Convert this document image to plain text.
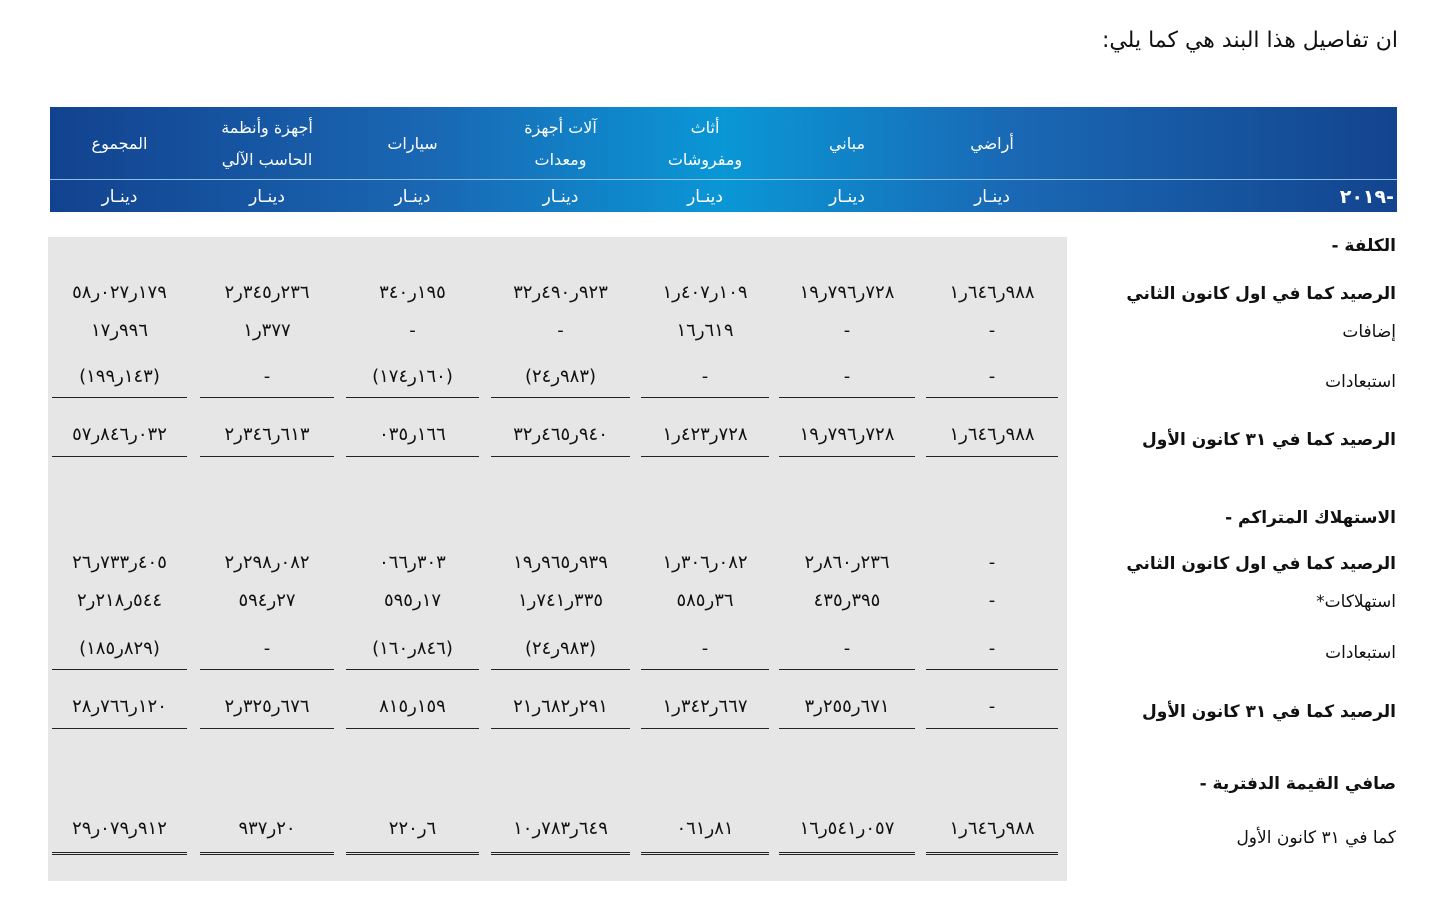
ان تفاصيل هذا البند هي كما يلي:
-٢٠١٩
أراضي
مباني
أثاث
ومفروشات
آلات أجهزة
ومعدات
سيارات
أجهزة وأنظمة
الحاسب الآلي
المجموع
دينـار
دينـار
دينـار
دينـار
دينـار
دينـار
دينـار
الكلفة -
الاستهلاك المتراكم -
صافي القيمة الدفترية -
الرصيد كما في اول كانون الثاني
إضافات
استبعادات
الرصيد كما في ٣١ كانون الأول
الرصيد كما في اول كانون الثاني
استهلاكات*
استبعادات
الرصيد كما في ٣١ كانون الأول
كما في ٣١ كانون الأول
٩٨٨ر٦٤٦ر١
٧٢٨ر٧٩٦ر١٩
١٠٩ر٤٠٧ر١
٩٢٣ر٤٩٠ر٣٢
١٩٥ر٣٤٠
٢٣٦ر٣٤٥ر٢
١٧٩ر٠٢٧ر٥٨
-
-
٦١٩ر١٦
-
-
٣٧٧ر١
٩٩٦ر١٧
-
-
-
(٩٨٣ر٢٤)
(١٦٠ر١٧٤)
-
(١٤٣ر١٩٩)
٩٨٨ر٦٤٦ر١
٧٢٨ر٧٩٦ر١٩
٧٢٨ر٤٢٣ر١
٩٤٠ر٤٦٥ر٣٢
١٦٦ر٠٣٥
٦١٣ر٣٤٦ر٢
٠٣٢ر٨٤٦ر٥٧
-
٢٣٦ر٨٦٠ر٢
٠٨٢ر٣٠٦ر١
٩٣٩ر٩٦٥ر١٩
٣٠٣ر٠٦٦
٠٨٢ر٢٩٨ر٢
٤٠٥ر٧٣٣ر٢٦
-
٣٩٥ر٤٣٥
٣٦ر٥٨٥
٣٣٥ر٧٤١ر١
١٧ر٥٩٥
٢٧ر٥٩٤
٥٤٤ر٢١٨ر٢
-
-
-
(٩٨٣ر٢٤)
(٨٤٦ر١٦٠)
-
(٨٢٩ر١٨٥)
-
٦٧١ر٢٥٥ر٣
٦٦٧ر٣٤٢ر١
٢٩١ر٦٨٢ر٢١
١٥٩ر٨١٥
٦٧٦ر٣٢٥ر٢
١٢٠ر٧٦٦ر٢٨
٩٨٨ر٦٤٦ر١
٠٥٧ر٥٤١ر١٦
٨١ر٠٦١
٦٤٩ر٧٨٣ر١٠
٦ر٢٢٠
٢٠ر٩٣٧
٩١٢ر٠٧٩ر٢٩
